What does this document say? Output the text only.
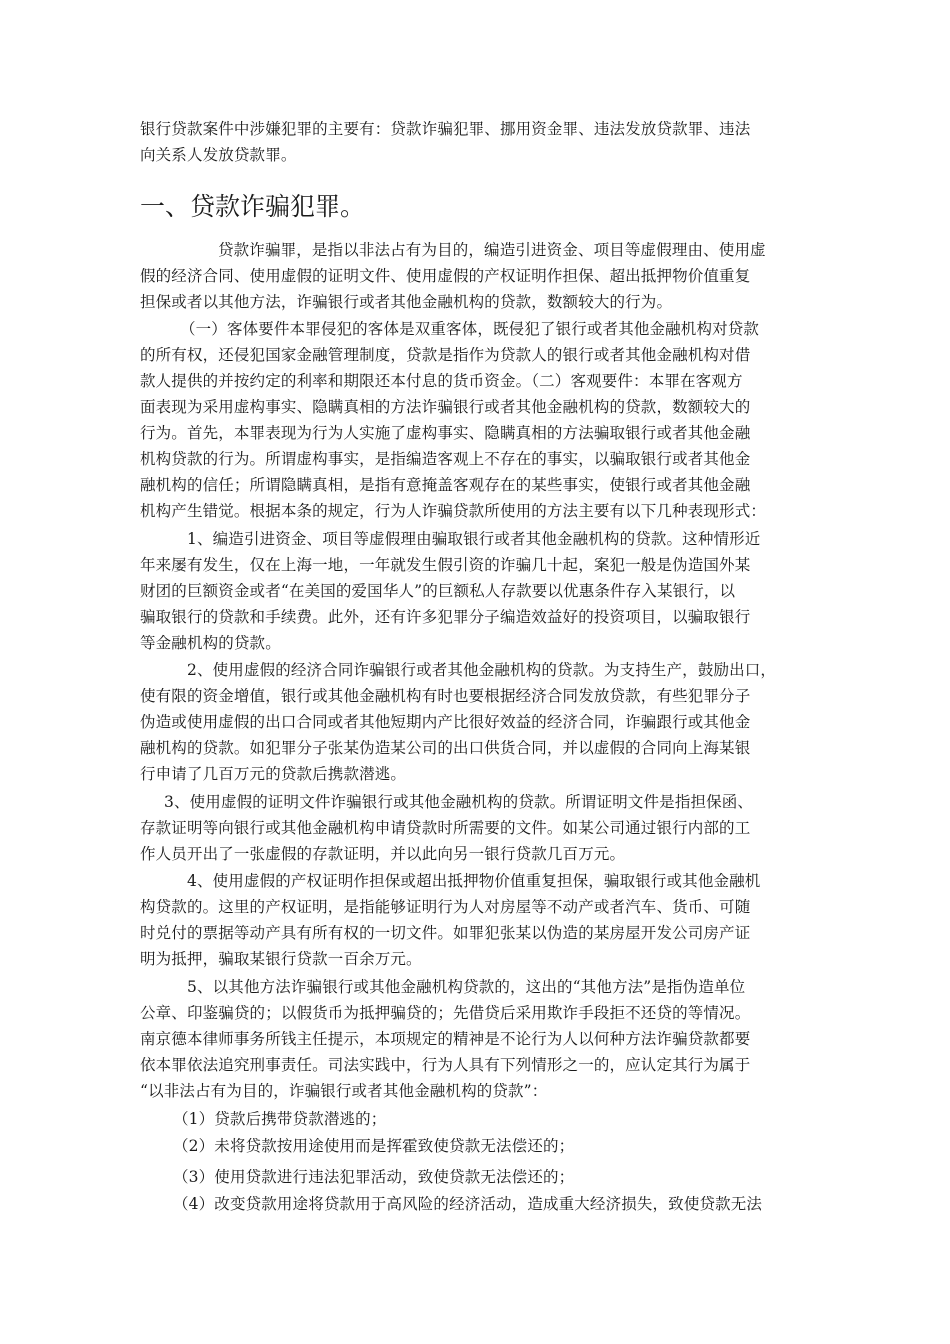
银行贷款案件中涉嫌犯罪的主要有：贷款诈骗犯罪、挪用资金罪、违法发放贷款罪、违法
向关系人发放贷款罪。
一、贷款诈骗犯罪。
贷款诈骗罪，是指以非法占有为目的，编造引进资金、项目等虚假理由、使用虚
假的经济合同、使用虚假的证明文件、使用虚假的产权证明作担保、超出抵押物价值重复
担保或者以其他方法，诈骗银行或者其他金融机构的贷款，数额较大的行为。
（一）客体要件本罪侵犯的客体是双重客体，既侵犯了银行或者其他金融机构对贷款
的所有权，还侵犯国家金融管理制度，贷款是指作为贷款人的银行或者其他金融机构对借
款人提供的并按约定的利率和期限还本付息的货币资金。（二）客观要件：本罪在客观方
面表现为采用虚构事实、隐瞒真相的方法诈骗银行或者其他金融机构的贷款，数额较大的
行为。首先，本罪表现为行为人实施了虚构事实、隐瞒真相的方法骗取银行或者其他金融
机构贷款的行为。所谓虚构事实，是指编造客观上不存在的事实，以骗取银行或者其他金
融机构的信任；所谓隐瞒真相，是指有意掩盖客观存在的某些事实，使银行或者其他金融
机构产生错觉。根据本条的规定，行为人诈骗贷款所使用的方法主要有以下几种表现形式：
1、编造引进资金、项目等虚假理由骗取银行或者其他金融机构的贷款。这种情形近
年来屡有发生，仅在上海一地，一年就发生假引资的诈骗几十起，案犯一般是伪造国外某
财团的巨额资金或者“在美国的爱国华人”的巨额私人存款要以优惠条件存入某银行，以
骗取银行的贷款和手续费。此外，还有许多犯罪分子编造效益好的投资项目，以骗取银行
等金融机构的贷款。
2、使用虚假的经济合同诈骗银行或者其他金融机构的贷款。为支持生产，鼓励出口，
使有限的资金增值，银行或其他金融机构有时也要根据经济合同发放贷款，有些犯罪分子
伪造或使用虚假的出口合同或者其他短期内产比很好效益的经济合同，诈骗跟行或其他金
融机构的贷款。如犯罪分子张某伪造某公司的出口供货合同，并以虚假的合同向上海某银
行申请了几百万元的贷款后携款潜逃。
3、使用虚假的证明文件诈骗银行或其他金融机构的贷款。所谓证明文件是指担保函、
存款证明等向银行或其他金融机构申请贷款时所需要的文件。如某公司通过银行内部的工
作人员开出了一张虚假的存款证明，并以此向另一银行贷款几百万元。
4、使用虚假的产权证明作担保或超出抵押物价值重复担保，骗取银行或其他金融机
构贷款的。这里的产权证明，是指能够证明行为人对房屋等不动产或者汽车、货币、可随
时兑付的票据等动产具有所有权的一切文件。如罪犯张某以伪造的某房屋开发公司房产证
明为抵押，骗取某银行贷款一百余万元。
5、以其他方法诈骗银行或其他金融机构贷款的，这出的“其他方法”是指伪造单位
公章、印鉴骗贷的；以假货币为抵押骗贷的；先借贷后采用欺诈手段拒不还贷的等情况。
南京德本律师事务所钱主任提示，本项规定的精神是不论行为人以何种方法诈骗贷款都要
依本罪依法追究刑事责任。司法实践中，行为人具有下列情形之一的，应认定其行为属于
“以非法占有为目的，诈骗银行或者其他金融机构的贷款”：
（1）贷款后携带贷款潜逃的；
（2）未将贷款按用途使用而是挥霍致使贷款无法偿还的；
（3）使用贷款进行违法犯罪活动，致使贷款无法偿还的；
（4）改变贷款用途将贷款用于高风险的经济活动，造成重大经济损失，致使贷款无法
